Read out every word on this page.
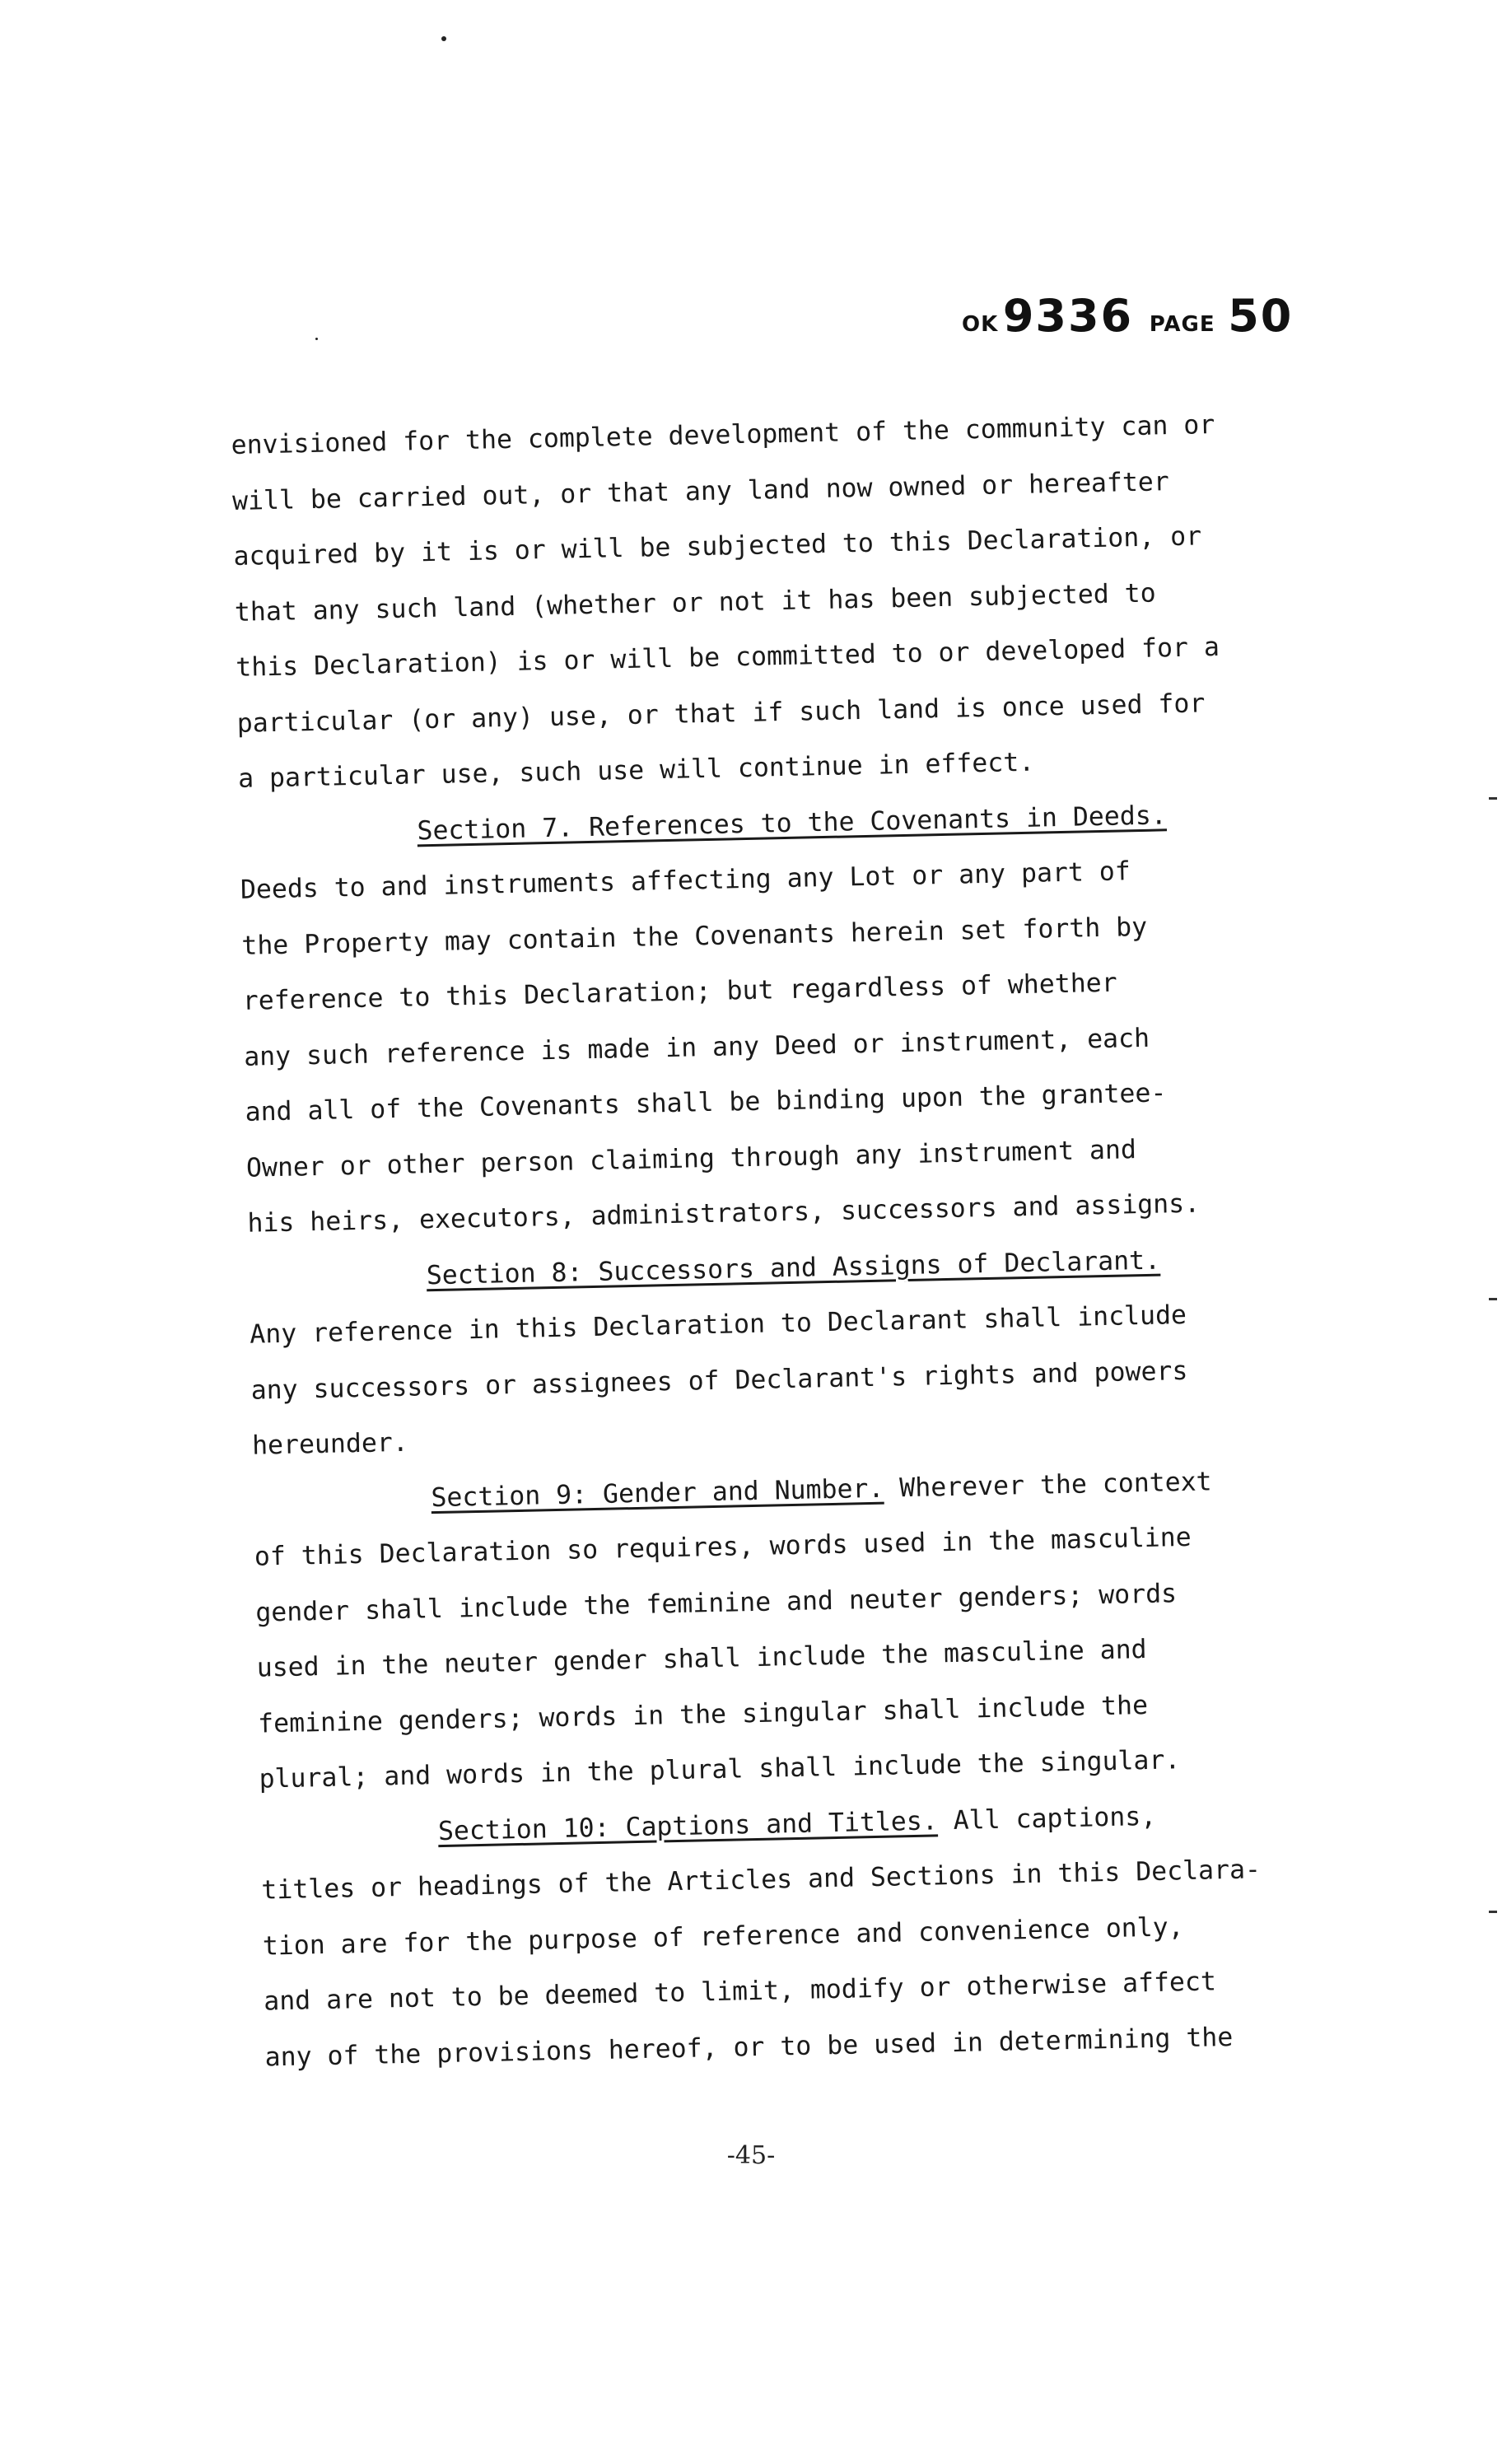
OK 9336 PAGE 50
envisioned for the complete development of the community can or
will be carried out, or that any land now owned or hereafter
acquired by it is or will be subjected to this Declaration, or
that any such land (whether or not it has been subjected to
this Declaration) is or will be committed to or developed for a
particular (or any) use, or that if such land is once used for
a particular use, such use will continue in effect.
Section 7. References to the Covenants in Deeds.
Deeds to and instruments affecting any Lot or any part of
the Property may contain the Covenants herein set forth by
reference to this Declaration; but regardless of whether
any such reference is made in any Deed or instrument, each
and all of the Covenants shall be binding upon the grantee-
Owner or other person claiming through any instrument and
his heirs, executors, administrators, successors and assigns.
Section 8: Successors and Assigns of Declarant.
Any reference in this Declaration to Declarant shall include
any successors or assignees of Declarant's rights and powers
hereunder.
Section 9: Gender and Number. Wherever the context
of this Declaration so requires, words used in the masculine
gender shall include the feminine and neuter genders; words
used in the neuter gender shall include the masculine and
feminine genders; words in the singular shall include the
plural; and words in the plural shall include the singular.
Section 10: Captions and Titles. All captions,
titles or headings of the Articles and Sections in this Declara-
tion are for the purpose of reference and convenience only,
and are not to be deemed to limit, modify or otherwise affect
any of the provisions hereof, or to be used in determining the
-45-
